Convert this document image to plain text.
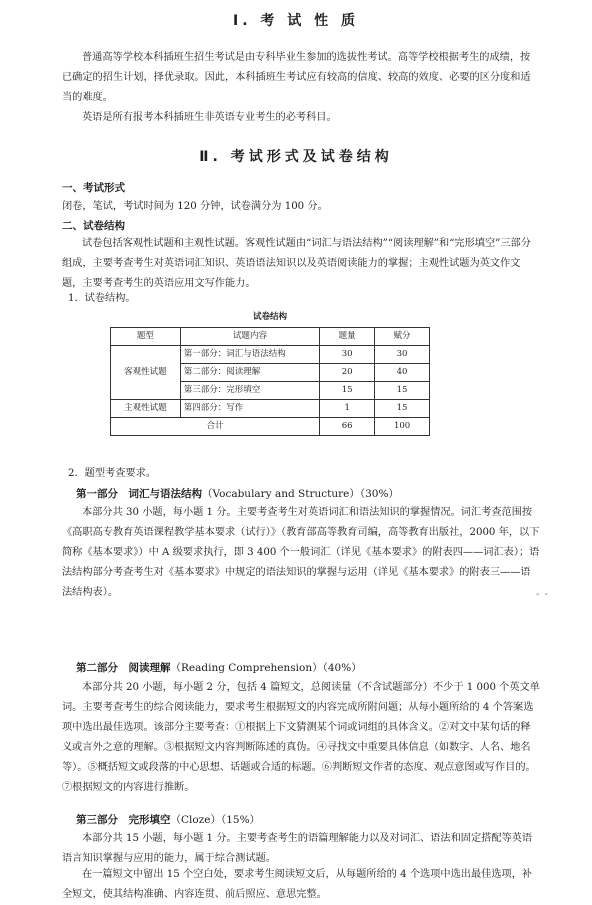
Ⅰ. 考 试 性 质

普通高等学校本科插班生招生考试是由专科毕业生参加的选拔性考试。高等学校根据考生的成绩，按已确定的招生计划，择优录取。因此，本科插班生考试应有较高的信度、较高的效度、必要的区分度和适当的难度。

英语是所有报考本科插班生非英语专业考生的必考科目。

Ⅱ. 考试形式及试卷结构
一、考试形式
闭卷，笔试，考试时间为 120 分钟，试卷满分为 100 分。
二、试卷结构

试卷包括客观性试题和主观性试题。客观性试题由“词汇与语法结构”“阅读理解”和“完形填空”三部分组成，主要考查考生对英语词汇知识、英语语法知识以及英语阅读能力的掌握；主观性试题为英文作文题，主要考查考生的英语应用文写作能力。

1．试卷结构。
试卷结构
题型	试题内容	题量	赋分
客观性试题	第一部分：词汇与语法结构	30	30
	第二部分：阅读理解	20	40
	第三部分：完形填空	15	15
主观性试题	第四部分：写作	1	15
合计		66	100
2．题型考查要求。
第一部分　词汇与语法结构（Vocabulary and Structure）（30%）

本部分共 30 小题，每小题 1 分。主要考查考生对英语词汇和语法知识的掌握情况。词汇考查范围按《高职高专教育英语课程教学基本要求（试行）》（教育部高等教育司编，高等教育出版社，2000 年，以下简称《基本要求》）中 A 级要求执行，即 3 400 个一般词汇（详见《基本要求》的附表四——词汇表）；语法结构部分考查考生对《基本要求》中规定的语法知识的掌握与运用（详见《基本要求》的附表三——语法结构表）。	- -
第二部分　阅读理解（Reading Comprehension）（40%）

本部分共 20 小题，每小题 2 分，包括 4 篇短文，总阅读量（不含试题部分）不少于 1 000 个英文单词。主要考查考生的综合阅读能力，要求考生根据短文的内容完成所附问题；从每小题所给的 4 个答案选项中选出最佳选项。该部分主要考查：①根据上下文猜测某个词或词组的具体含义。②对文中某句话的释义或言外之意的理解。③根据短文内容判断陈述的真伪。④寻找文中重要具体信息（如数字、人名、地名等）。⑤概括短文或段落的中心思想、话题或合适的标题。⑥判断短文作者的态度、观点意图或写作目的。⑦根据短文的内容进行推断。

第三部分　完形填空（Cloze）（15%）

本部分共 15 小题，每小题 1 分。主要考查考生的语篇理解能力以及对词汇、语法和固定搭配等英语语言知识掌握与应用的能力，属于综合测试题。

在一篇短文中留出 15 个空白处，要求考生阅读短文后，从每题所给的 4 个选项中选出最佳选项，补全短文，使其结构准确、内容连贯、前后照应、意思完整。
